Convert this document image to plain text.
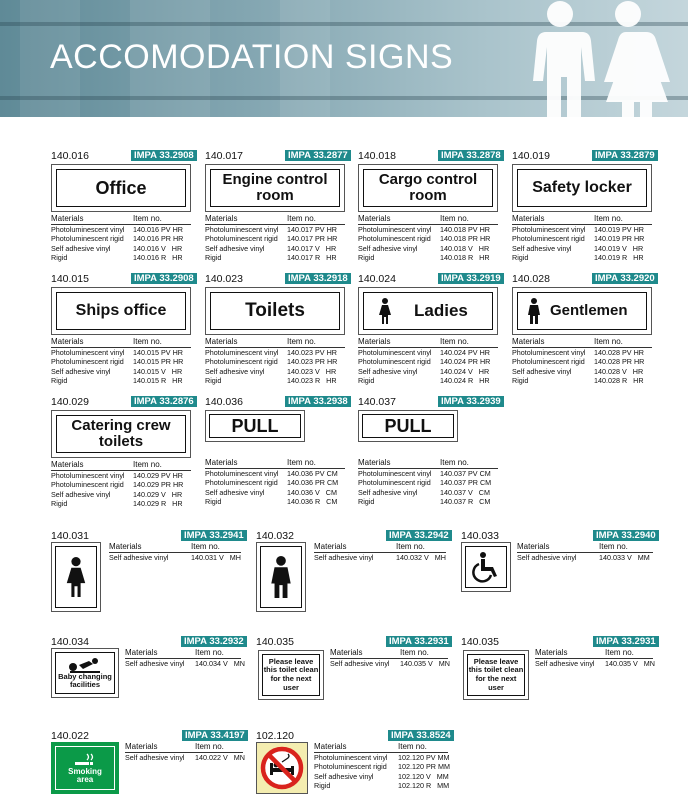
ACCOMODATION SIGNS
140.016	IMPA 33.2908
Office
Materials	Item no.
Photoluminescent vinyl	140.016 PV HR
Photoluminescent rigid	140.016 PR HR
Self adhesive vinyl	140.016 V   HR
Rigid	140.016 R   HR
140.017	IMPA 33.2877
Engine control room
Materials	Item no.
Photoluminescent vinyl	140.017 PV HR
Photoluminescent rigid	140.017 PR HR
Self adhesive vinyl	140.017 V   HR
Rigid	140.017 R   HR
140.018	IMPA 33.2878
Cargo control room
Materials	Item no.
Photoluminescent vinyl	140.018 PV HR
Photoluminescent rigid	140.018 PR HR
Self adhesive vinyl	140.018 V   HR
Rigid	140.018 R   HR
140.019	IMPA 33.2879
Safety locker
Materials	Item no.
Photoluminescent vinyl	140.019 PV HR
Photoluminescent rigid	140.019 PR HR
Self adhesive vinyl	140.019 V   HR
Rigid	140.019 R   HR
140.015	IMPA 33.2908
Ships office
Materials	Item no.
Photoluminescent vinyl	140.015 PV HR
Photoluminescent rigid	140.015 PR HR
Self adhesive vinyl	140.015 V   HR
Rigid	140.015 R   HR
140.023	IMPA 33.2918
Toilets
Materials	Item no.
Photoluminescent vinyl	140.023 PV HR
Photoluminescent rigid	140.023 PR HR
Self adhesive vinyl	140.023 V   HR
Rigid	140.023 R   HR
140.024	IMPA 33.2919
Ladies
Materials	Item no.
Photoluminescent vinyl	140.024 PV HR
Photoluminescent rigid	140.024 PR HR
Self adhesive vinyl	140.024 V   HR
Rigid	140.024 R   HR
140.028	IMPA 33.2920
Gentlemen
Materials	Item no.
Photoluminescent vinyl	140.028 PV HR
Photoluminescent rigid	140.028 PR HR
Self adhesive vinyl	140.028 V   HR
Rigid	140.028 R   HR
140.029	IMPA 33.2876
Catering crew toilets
Materials	Item no.
Photoluminescent vinyl	140.029 PV HR
Photoluminescent rigid	140.029 PR HR
Self adhesive vinyl	140.029 V   HR
Rigid	140.029 R   HR
140.036	IMPA 33.2938
PULL
Materials	Item no.
Photoluminescent vinyl	140.036 PV CM
Photoluminescent rigid	140.036 PR CM
Self adhesive vinyl	140.036 V   CM
Rigid	140.036 R   CM
140.037	IMPA 33.2939
PULL
Materials	Item no.
Photoluminescent vinyl	140.037 PV CM
Photoluminescent rigid	140.037 PR CM
Self adhesive vinyl	140.037 V   CM
Rigid	140.037 R   CM
140.031	IMPA 33.2941
Materials	Item no.
Self adhesive vinyl	140.031 V   MH
140.032	IMPA 33.2942
Materials	Item no.
Self adhesive vinyl	140.032 V   MH
140.033	IMPA 33.2940
Materials	Item no.
Self adhesive vinyl	140.033 V   MM
140.034	IMPA 33.2932
Baby changing facilities
Materials	Item no.
Self adhesive vinyl	140.034 V   MN
140.035	IMPA 33.2931
Please leave this toilet clean for the next user
Materials	Item no.
Self adhesive vinyl	140.035 V   MN
140.035	IMPA 33.2931
Please leave this toilet clean for the next user
Materials	Item no.
Self adhesive vinyl	140.035 V   MN
140.022	IMPA 33.4197
Smoking area
Materials	Item no.
Self adhesive vinyl	140.022 V   MN
102.120	IMPA 33.8524
Materials	Item no.
Photoluminescent vinyl	102.120 PV MM
Photoluminescent rigid	102.120 PR MM
Self adhesive vinyl	102.120 V   MM
Rigid	102.120 R   MM
